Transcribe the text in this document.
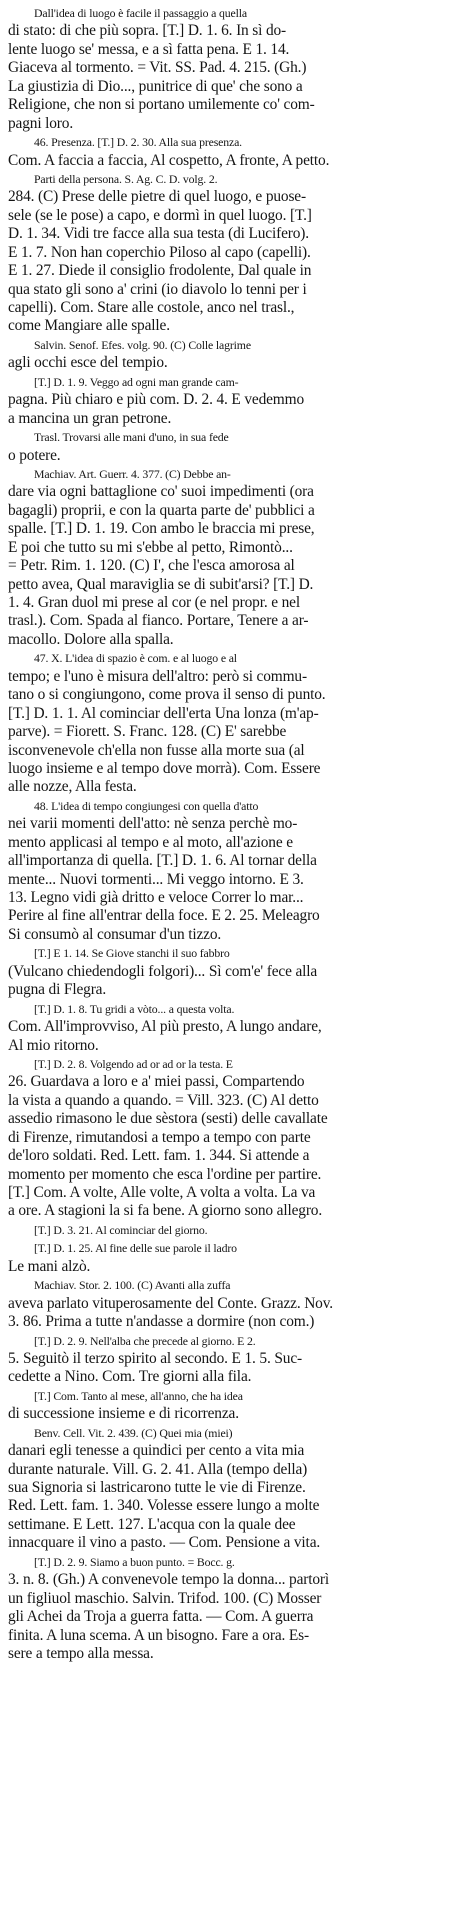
Dall'idea di luogo è facile il passaggio a quella

di stato: di che più sopra. [T.] D. 1. 6. In sì do-

lente luogo se' messa, e a sì fatta pena. E 1. 14.

Giaceva al tormento. = Vit. SS. Pad. 4. 215. (Gh.)

La giustizia di Dio..., punitrice di que' che sono a

Religione, che non si portano umilemente co' com-

pagni loro.

46. Presenza. [T.] D. 2. 30. Alla sua presenza.

Com. A faccia a faccia, Al cospetto, A fronte, A petto.

Parti della persona. S. Ag. C. D. volg. 2.

284. (C) Prese delle pietre di quel luogo, e puose-

sele (se le pose) a capo, e dormì in quel luogo. [T.]

D. 1. 34. Vidi tre facce alla sua testa (di Lucifero).

E 1. 7. Non han coperchio Piloso al capo (capelli).

E 1. 27. Diede il consiglio frodolente, Dal quale in

qua stato gli sono a' crini (io diavolo lo tenni per i

capelli). Com. Stare alle costole, anco nel trasl.,

come Mangiare alle spalle.

Salvin. Senof. Efes. volg. 90. (C) Colle lagrime

agli occhi esce del tempio.

[T.] D. 1. 9. Veggo ad ogni man grande cam-

pagna. Più chiaro e più com. D. 2. 4. E vedemmo

a mancina un gran petrone.

Trasl. Trovarsi alle mani d'uno, in sua fede

o potere.

Machiav. Art. Guerr. 4. 377. (C) Debbe an-

dare via ogni battaglione co' suoi impedimenti (ora

bagagli) proprii, e con la quarta parte de' pubblici a

spalle. [T.] D. 1. 19. Con ambo le braccia mi prese,

E poi che tutto su mi s'ebbe al petto, Rimontò...

= Petr. Rim. 1. 120. (C) I', che l'esca amorosa al

petto avea, Qual maraviglia se di subit'arsi? [T.] D.

1. 4. Gran duol mi prese al cor (e nel propr. e nel

trasl.). Com. Spada al fianco. Portare, Tenere a ar-

macollo. Dolore alla spalla.

47. X. L'idea di spazio è com. e al luogo e al

tempo; e l'uno è misura dell'altro: però si commu-

tano o si congiungono, come prova il senso di punto.

[T.] D. 1. 1. Al cominciar dell'erta Una lonza (m'ap-

parve). = Fiorett. S. Franc. 128. (C) E' sarebbe

isconvenevole ch'ella non fusse alla morte sua (al

luogo insieme e al tempo dove morrà). Com. Essere

alle nozze, Alla festa.

48. L'idea di tempo congiungesi con quella d'atto

nei varii momenti dell'atto: nè senza perchè mo-

mento applicasi al tempo e al moto, all'azione e

all'importanza di quella. [T.] D. 1. 6. Al tornar della

mente... Nuovi tormenti... Mi veggo intorno. E 3.

13. Legno vidi già dritto e veloce Correr lo mar...

Perire al fine all'entrar della foce. E 2. 25. Meleagro

Si consumò al consumar d'un tizzo.

[T.] E 1. 14. Se Giove stanchi il suo fabbro

(Vulcano chiedendogli folgori)... Sì com'e' fece alla

pugna di Flegra.

[T.] D. 1. 8. Tu gridi a vòto... a questa volta.

Com. All'improvviso, Al più presto, A lungo andare,

Al mio ritorno.

[T.] D. 2. 8. Volgendo ad or ad or la testa. E

26. Guardava a loro e a' miei passi, Compartendo

la vista a quando a quando. = Vill. 323. (C) Al detto

assedio rimasono le due sèstora (sesti) delle cavallate

di Firenze, rimutandosi a tempo a tempo con parte

de'loro soldati. Red. Lett. fam. 1. 344. Si attende a

momento per momento che esca l'ordine per partire.

[T.] Com. A volte, Alle volte, A volta a volta. La va

a ore. A stagioni la si fa bene. A giorno sono allegro.

[T.] D. 3. 21. Al cominciar del giorno.

[T.] D. 1. 25. Al fine delle sue parole il ladro

Le mani alzò.

Machiav. Stor. 2. 100. (C) Avanti alla zuffa

aveva parlato vituperosamente del Conte. Grazz. Nov.

3. 86. Prima a tutte n'andasse a dormire (non com.)

[T.] D. 2. 9. Nell'alba che precede al giorno. E 2.

5. Seguitò il terzo spirito al secondo. E 1. 5. Suc-

cedette a Nino. Com. Tre giorni alla fila.

[T.] Com. Tanto al mese, all'anno, che ha idea

di successione insieme e di ricorrenza.

Benv. Cell. Vit. 2. 439. (C) Quei mia (miei)

danari egli tenesse a quindici per cento a vita mia

durante naturale. Vill. G. 2. 41. Alla (tempo della)

sua Signoria si lastricarono tutte le vie di Firenze.

Red. Lett. fam. 1. 340. Volesse essere lungo a molte

settimane. E Lett. 127. L'acqua con la quale dee

innacquare il vino a pasto. — Com. Pensione a vita.

[T.] D. 2. 9. Siamo a buon punto. = Bocc. g.

3. n. 8. (Gh.) A convenevole tempo la donna... partorì

un figliuol maschio. Salvin. Trifod. 100. (C) Mosser

gli Achei da Troja a guerra fatta. — Com. A guerra

finita. A luna scema. A un bisogno. Fare a ora. Es-

sere a tempo alla messa.
